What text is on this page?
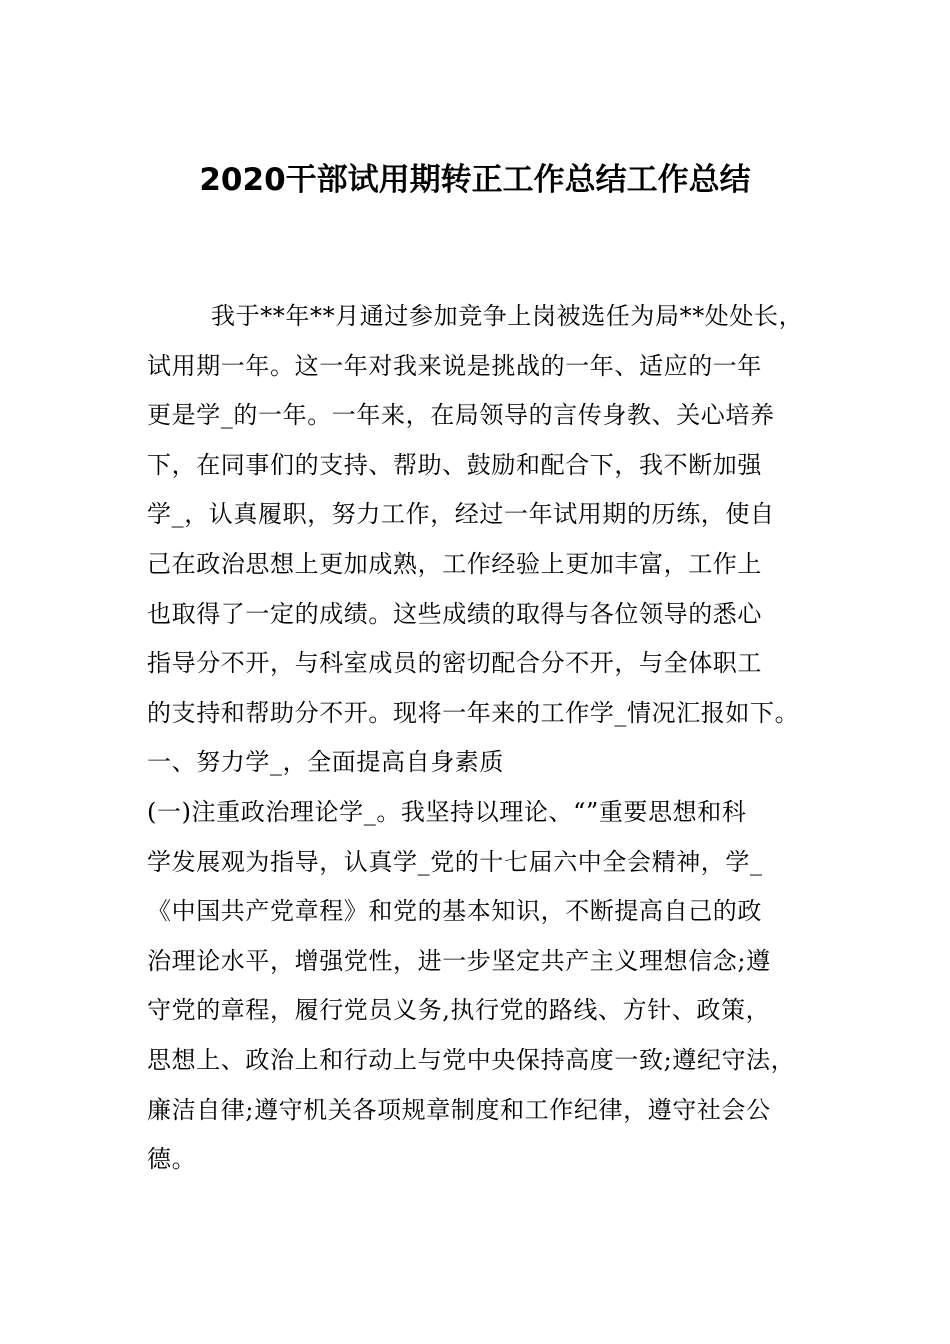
2020干部试用期转正工作总结工作总结
我于**年**月通过参加竞争上岗被选任为局**处处长，
试用期一年。这一年对我来说是挑战的一年、适应的一年
更是学_的一年。一年来，在局领导的言传身教、关心培养
下，在同事们的支持、帮助、鼓励和配合下，我不断加强
学_，认真履职，努力工作，经过一年试用期的历练，使自
己在政治思想上更加成熟，工作经验上更加丰富，工作上
也取得了一定的成绩。这些成绩的取得与各位领导的悉心
指导分不开，与科室成员的密切配合分不开，与全体职工
的支持和帮助分不开。现将一年来的工作学_情况汇报如下。
一、努力学_，全面提高自身素质
(一)注重政治理论学_。我坚持以理论、“”重要思想和科
学发展观为指导，认真学_党的十七届六中全会精神，学_
《中国共产党章程》和党的基本知识，不断提高自己的政
治理论水平，增强党性，进一步坚定共产主义理想信念;遵
守党的章程，履行党员义务,执行党的路线、方针、政策，
思想上、政治上和行动上与党中央保持高度一致;遵纪守法，
廉洁自律;遵守机关各项规章制度和工作纪律，遵守社会公
德。
